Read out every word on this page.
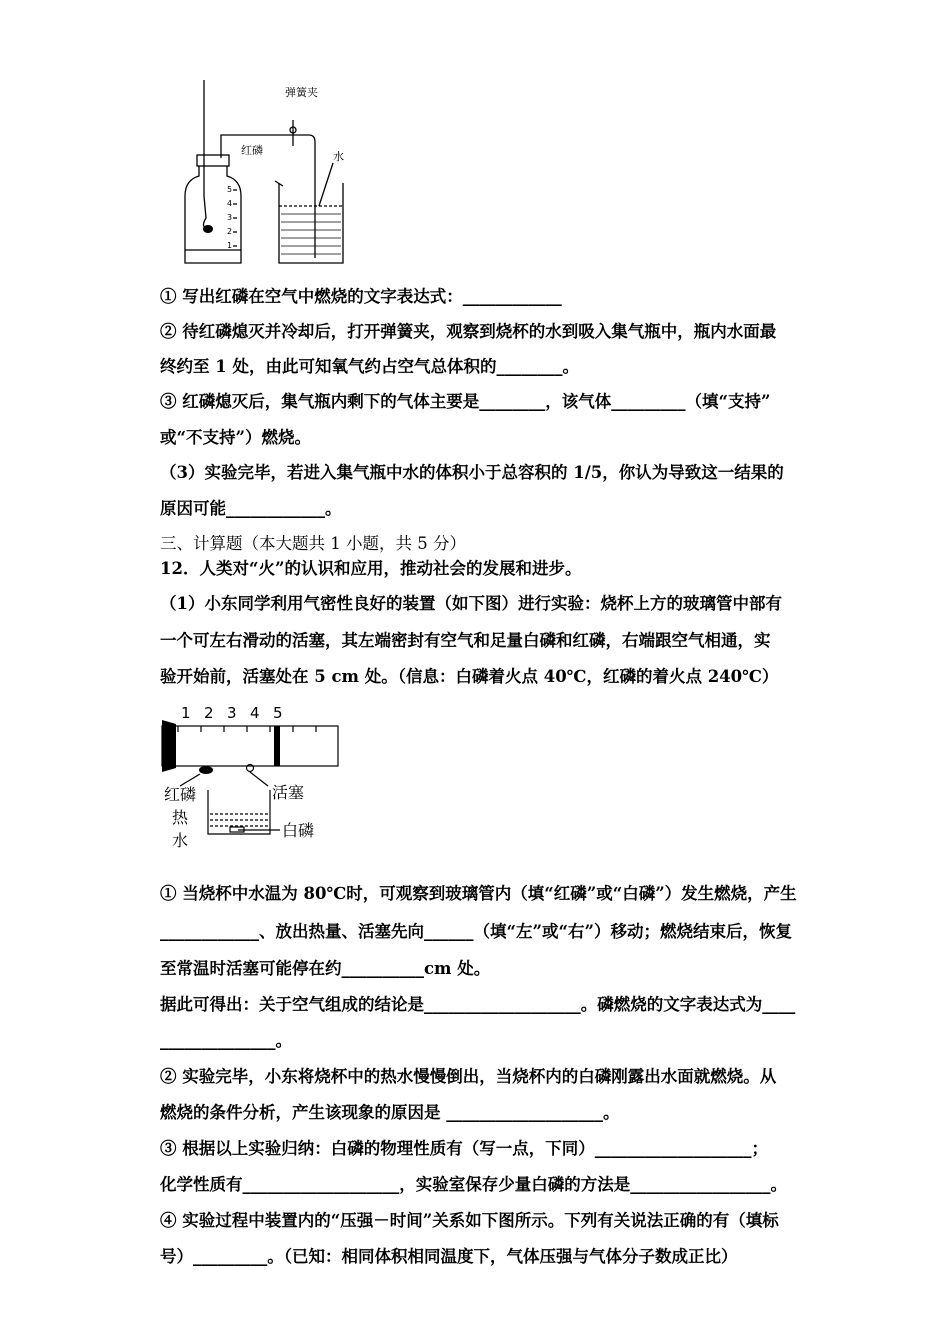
弹簧夹
红磷	水
5
4
3
2
1
① 写出红磷在空气中燃烧的文字表达式：____________
② 待红磷熄灭并冷却后，打开弹簧夹，观察到烧杯的水到吸入集气瓶中，瓶内水面最
终约至 1 处，由此可知氧气约占空气总体积的________。
③ 红磷熄灭后，集气瓶内剩下的气体主要是________，该气体_________（填“支持”
或“不支持”）燃烧。
（3）实验完毕，若进入集气瓶中水的体积小于总容积的 1/5，你认为导致这一结果的
原因可能____________。
三、计算题（本大题共 1 小题，共 5 分）
12．人类对“火”的认识和应用，推动社会的发展和进步。
（1）小东同学利用气密性良好的装置（如下图）进行实验：烧杯上方的玻璃管中部有
一个可左右滑动的活塞，其左端密封有空气和足量白磷和红磷，右端跟空气相通，实
验开始前，活塞处在 5 cm 处。（信息：白磷着火点 40℃，红磷的着火点 240℃）
1 2 3 4 5
红磷
热
水
活塞
白磷
① 当烧杯中水温为 80℃时，可观察到玻璃管内（填“红磷”或“白磷”）发生燃烧，产生
____________、放出热量、活塞先向______（填“左”或“右”）移动；燃烧结束后，恢复
至常温时活塞可能停在约__________cm 处。
据此可得出：关于空气组成的结论是___________________。磷燃烧的文字表达式为____
______________。
② 实验完毕，小东将烧杯中的热水慢慢倒出，当烧杯内的白磷刚露出水面就燃烧。从
燃烧的条件分析，产生该现象的原因是 ___________________。
③ 根据以上实验归纳：白磷的物理性质有（写一点，下同）___________________；
化学性质有___________________，实验室保存少量白磷的方法是_________________。
④ 实验过程中装置内的“压强－时间”关系如下图所示。下列有关说法正确的有（填标
号）_________。（已知：相同体积相同温度下，气体压强与气体分子数成正比）
